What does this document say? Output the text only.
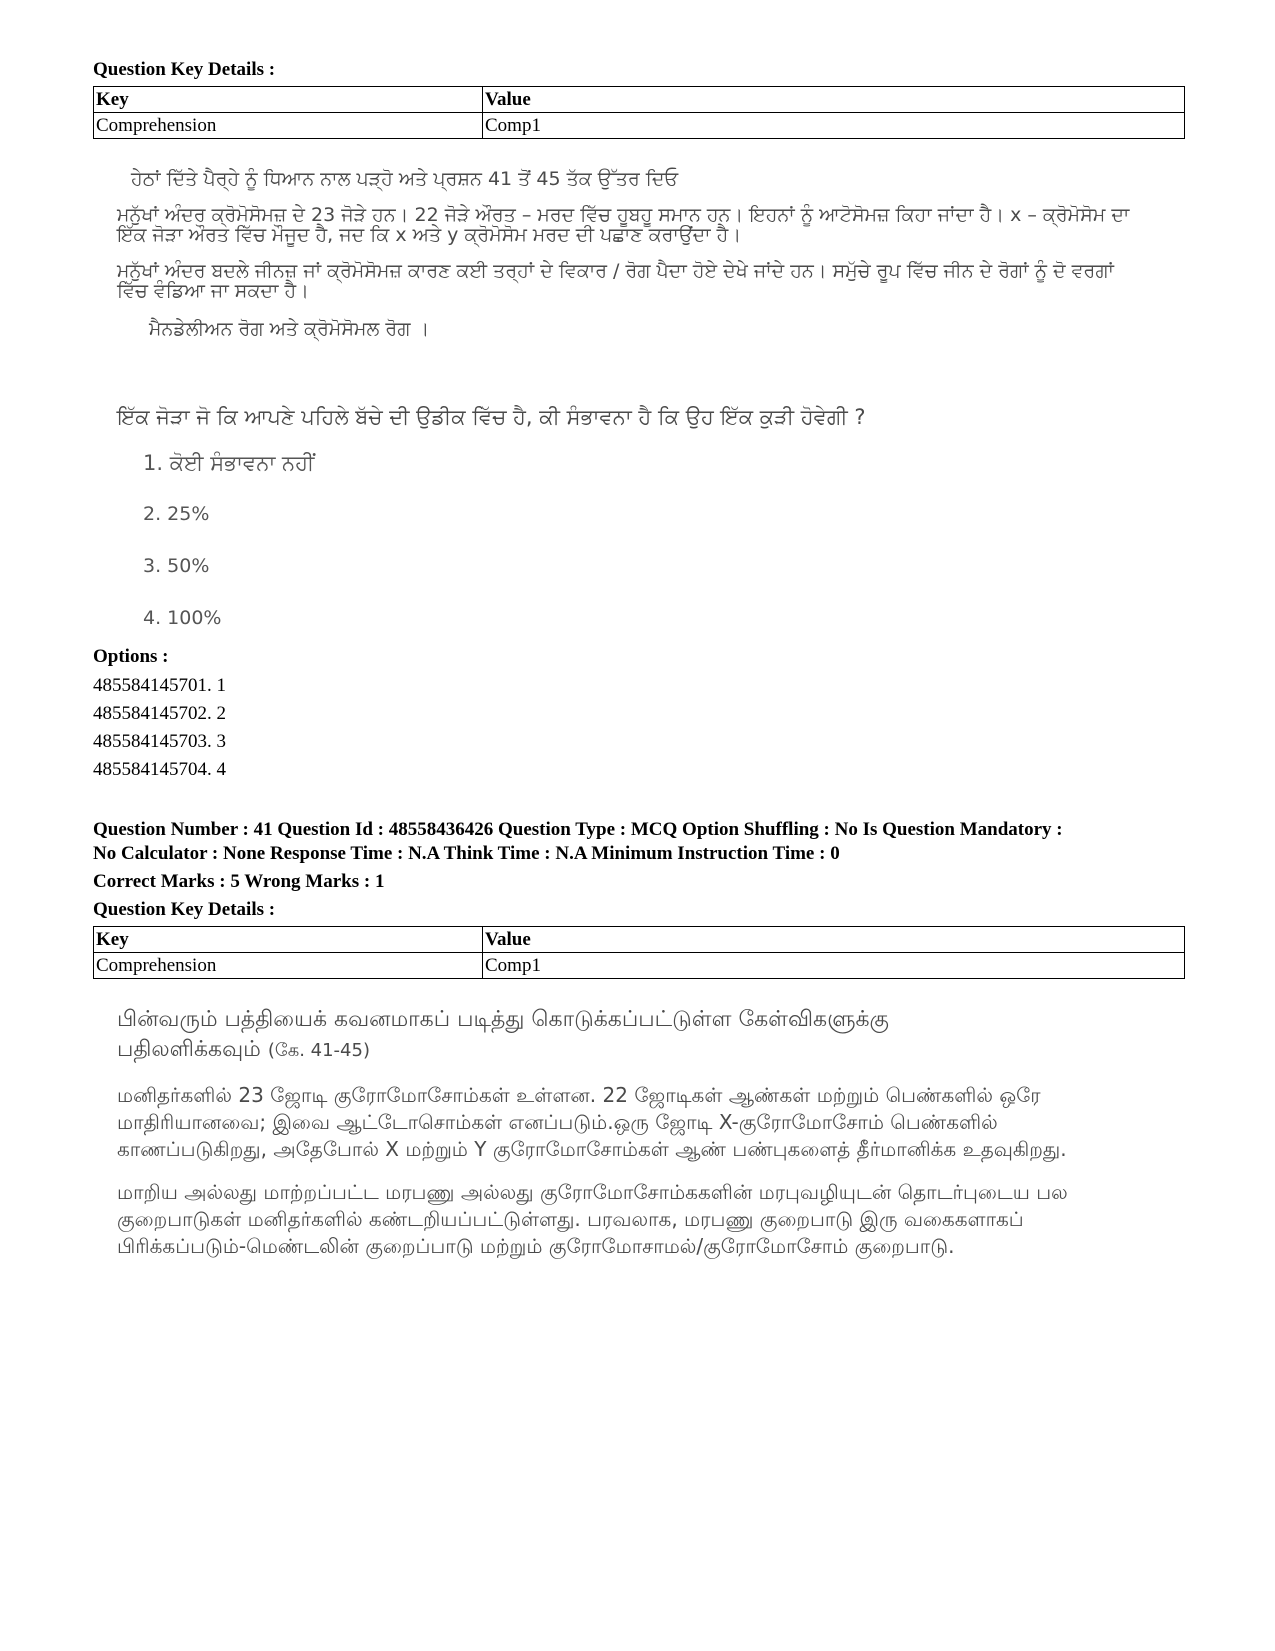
Question Key Details :
Key	Value
Comprehension	Comp1
ਹੇਠਾਂ ਦਿੱਤੇ ਪੈਰ੍ਹੇ ਨੂੰ ਧਿਆਨ ਨਾਲ ਪੜ੍ਹੋ ਅਤੇ ਪ੍ਰਸ਼ਨ 41 ਤੋਂ 45 ਤੱਕ ਉੱਤਰ ਦਿਓ
ਮਨੁੱਖਾਂ ਅੰਦਰ ਕ੍ਰੋਮੋਸੋਮਜ਼ ਦੇ 23 ਜੋੜੇ ਹਨ। 22 ਜੋੜੇ ਔਰਤ – ਮਰਦ ਵਿੱਚ ਹੂਬਹੂ ਸਮਾਨ ਹਨ। ਇਹਨਾਂ ਨੂੰ ਆਟੋਸੋਮਜ਼ ਕਿਹਾ ਜਾਂਦਾ ਹੈ। x – ਕ੍ਰੋਮੋਸੋਮ ਦਾ ਇੱਕ ਜੋੜਾ ਔਰਤ ਵਿੱਚ ਮੌਜੂਦ ਹੈ, ਜਦ ਕਿ x ਅਤੇ y ਕ੍ਰੋਮੋਸੋਮ ਮਰਦ ਦੀ ਪਛਾਣ ਕਰਾਉਂਦਾ ਹੈ।
ਮਨੁੱਖਾਂ ਅੰਦਰ ਬਦਲੇ ਜੀਨਜ਼ ਜਾਂ ਕ੍ਰੋਮੋਸੋਮਜ਼ ਕਾਰਣ ਕਈ ਤਰ੍ਹਾਂ ਦੇ ਵਿਕਾਰ / ਰੋਗ ਪੈਦਾ ਹੋਏ ਦੇਖੇ ਜਾਂਦੇ ਹਨ। ਸਮੁੱਚੇ ਰੂਪ ਵਿੱਚ ਜੀਨ ਦੇ ਰੋਗਾਂ ਨੂੰ ਦੋ ਵਰਗਾਂ ਵਿੱਚ ਵੰਡਿਆ ਜਾ ਸਕਦਾ ਹੈ।
ਮੈਨਡੇਲੀਅਨ ਰੋਗ ਅਤੇ ਕ੍ਰੋਮੋਸੋਮਲ ਰੋਗ ।
ਇੱਕ ਜੋੜਾ ਜੋ ਕਿ ਆਪਣੇ ਪਹਿਲੇ ਬੱਚੇ ਦੀ ਉਡੀਕ ਵਿੱਚ ਹੈ, ਕੀ ਸੰਭਾਵਨਾ ਹੈ ਕਿ ਉਹ ਇੱਕ ਕੁੜੀ ਹੋਵੇਗੀ ?
1. ਕੋਈ ਸੰਭਾਵਨਾ ਨਹੀਂ
2. 25%
3. 50%
4. 100%
Options :
485584145701. 1
485584145702. 2
485584145703. 3
485584145704. 4
Question Number : 41 Question Id : 48558436426 Question Type : MCQ Option Shuffling : No Is Question Mandatory :
No Calculator : None Response Time : N.A Think Time : N.A Minimum Instruction Time : 0
Correct Marks : 5 Wrong Marks : 1
Question Key Details :
Key	Value
Comprehension	Comp1
பின்வரும் பத்தியைக் கவனமாகப் படித்து கொடுக்கப்பட்டுள்ள கேள்விகளுக்கு
பதிலளிக்கவும் (கே. 41-45)
மனிதர்களில் 23 ஜோடி குரோமோசோம்கள் உள்ளன. 22 ஜோடிகள் ஆண்கள் மற்றும் பெண்களில் ஒரே மாதிரியானவை; இவை ஆட்டோசொம்கள் எனப்படும்.ஒரு ஜோடி X-குரோமோசோம் பெண்களில் காணப்படுகிறது, அதேபோல் X மற்றும் Y குரோமோசோம்கள் ஆண் பண்புகளைத் தீர்மானிக்க உதவுகிறது.
மாறிய அல்லது மாற்றப்பட்ட மரபணு அல்லது குரோமோசோம்ககளின் மரபுவழியுடன் தொடர்புடைய பல குறைபாடுகள் மனிதர்களில் கண்டறியப்பட்டுள்ளது. பரவலாக, மரபணு குறைபாடு இரு வகைகளாகப் பிரிக்கப்படும்-மெண்டலின் குறைப்பாடு மற்றும் குரோமோசாமல்/குரோமோசோம் குறைபாடு.
